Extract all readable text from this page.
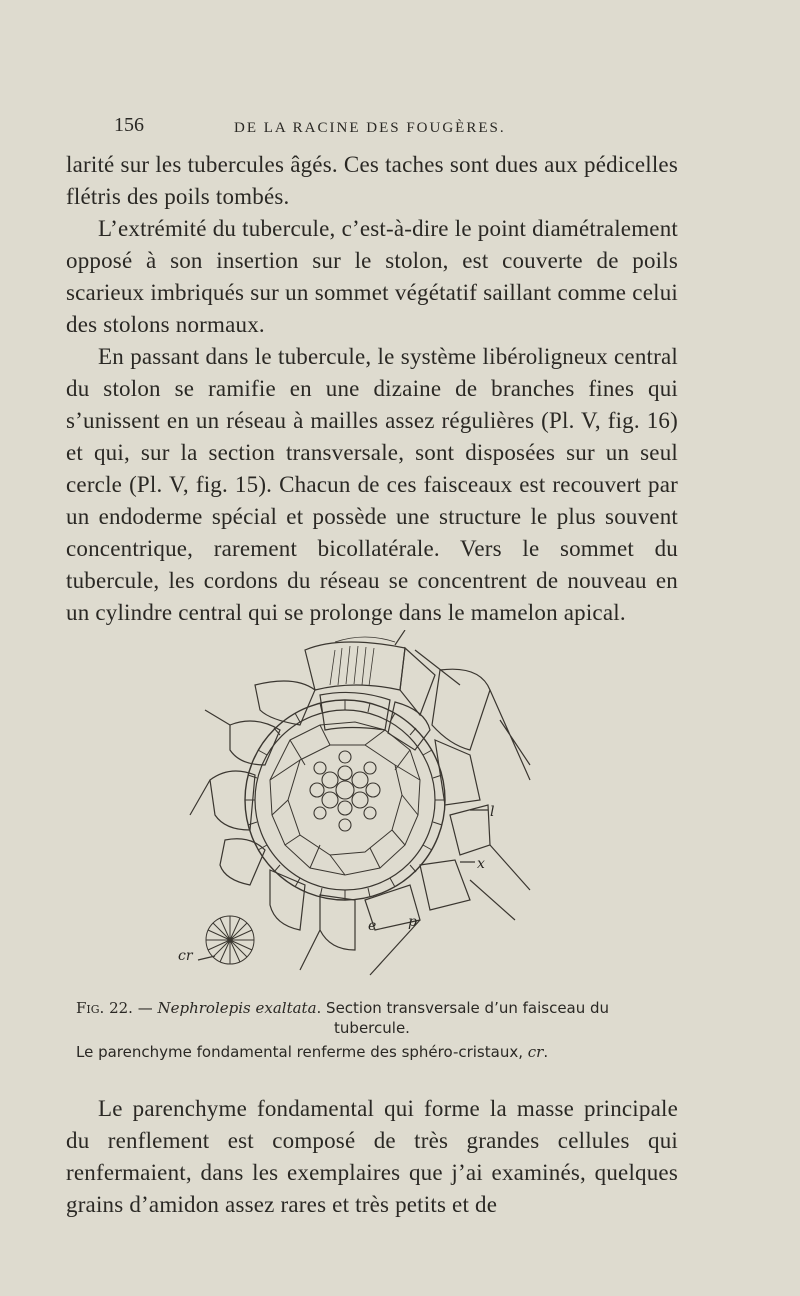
156	DE LA RACINE DES FOUGÈRES.

larité sur les tubercules âgés. Ces taches sont dues aux pédicelles flétris des poils tombés.

L’extrémité du tubercule, c’est-à-dire le point diamétralement opposé à son insertion sur le stolon, est couverte de poils scarieux imbriqués sur un sommet végétatif saillant comme celui des stolons normaux.

En passant dans le tubercule, le système libéroligneux central du stolon se ramifie en une dizaine de branches fines qui s’unissent en un réseau à mailles assez régulières (Pl. V, fig. 16) et qui, sur la section transversale, sont disposées sur un seul cercle (Pl. V, fig. 15). Chacun de ces faisceaux est recouvert par un endoderme spécial et possède une structure le plus souvent concentrique, rarement bicollatérale. Vers le sommet du tubercule, les cordons du réseau se concentrent de nouveau en un cylindre central qui se prolonge dans le mamelon apical.

l
x
e p
cr
Fig. 22. — Nephrolepis exaltata. Section transversale d’un faisceau du
tubercule.
Le parenchyme fondamental renferme des sphéro-cristaux, cr.

Le parenchyme fondamental qui forme la masse principale du renflement est composé de très grandes cellules qui renfermaient, dans les exemplaires que j’ai examinés, quelques grains d’amidon assez rares et très petits et de
